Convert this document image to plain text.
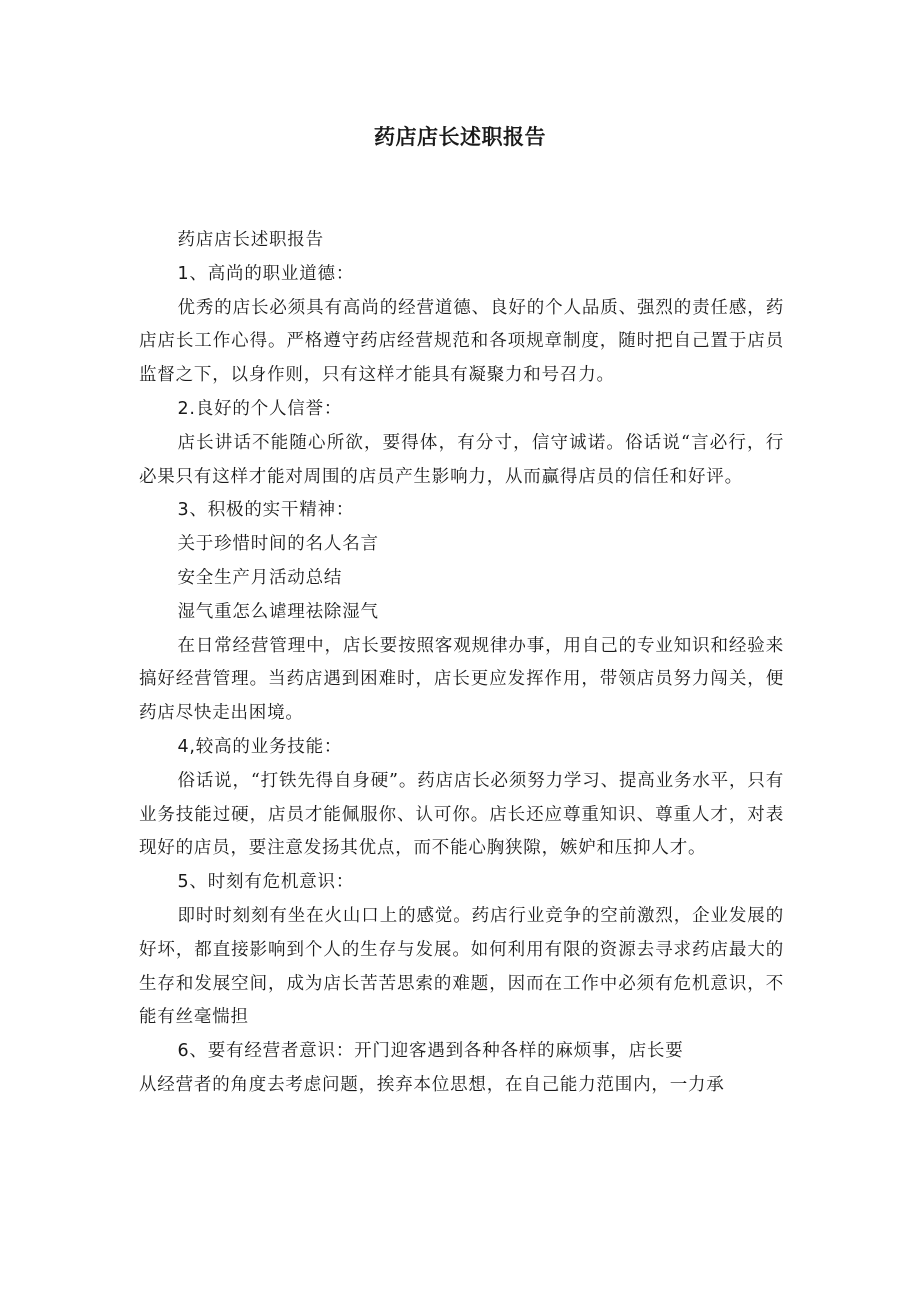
药店店长述职报告

药店店长述职报告

1、高尚的职业道德：

优秀的店长必须具有高尚的经营道德、良好的个人品质、强烈的责任感，药店店长工作心得。严格遵守药店经营规范和各项规章制度，随时把自己置于店员监督之下，以身作则，只有这样才能具有凝聚力和号召力。

2.良好的个人信誉：

店长讲话不能随心所欲，要得体，有分寸，信守诚诺。俗话说“言必行，行必果只有这样才能对周围的店员产生影响力，从而赢得店员的信任和好评。

3、积极的实干精神：

关于珍惜时间的名人名言

安全生产月活动总结

湿气重怎么谑理祛除湿气

在日常经营管理中，店长要按照客观规律办事，用自己的专业知识和经验来搞好经营管理。当药店遇到困难时，店长更应发挥作用，带领店员努力闯关，便药店尽快走出困境。

4,较高的业务技能：

俗话说，“打铁先得自身硬”。药店店长必须努力学习、提高业务水平，只有业务技能过硬，店员才能佩服你、认可你。店长还应尊重知识、尊重人才，对表现好的店员，要注意发扬其优点，而不能心胸狭隙，嫉妒和压抑人才。

5、时刻有危机意识：

即时时刻刻有坐在火山口上的感觉。药店行业竞争的空前激烈，企业发展的好坏，都直接影响到个人的生存与发展。如何利用有限的资源去寻求药店最大的生存和发展空间，成为店长苦苦思索的难题，因而在工作中必须有危机意识，不能有丝毫惴担

6、要有经营者意识：开门迎客遇到各种各样的麻烦事，店长要

从经营者的角度去考虑问题，挨弃本位思想，在自己能力范围内，一力承
